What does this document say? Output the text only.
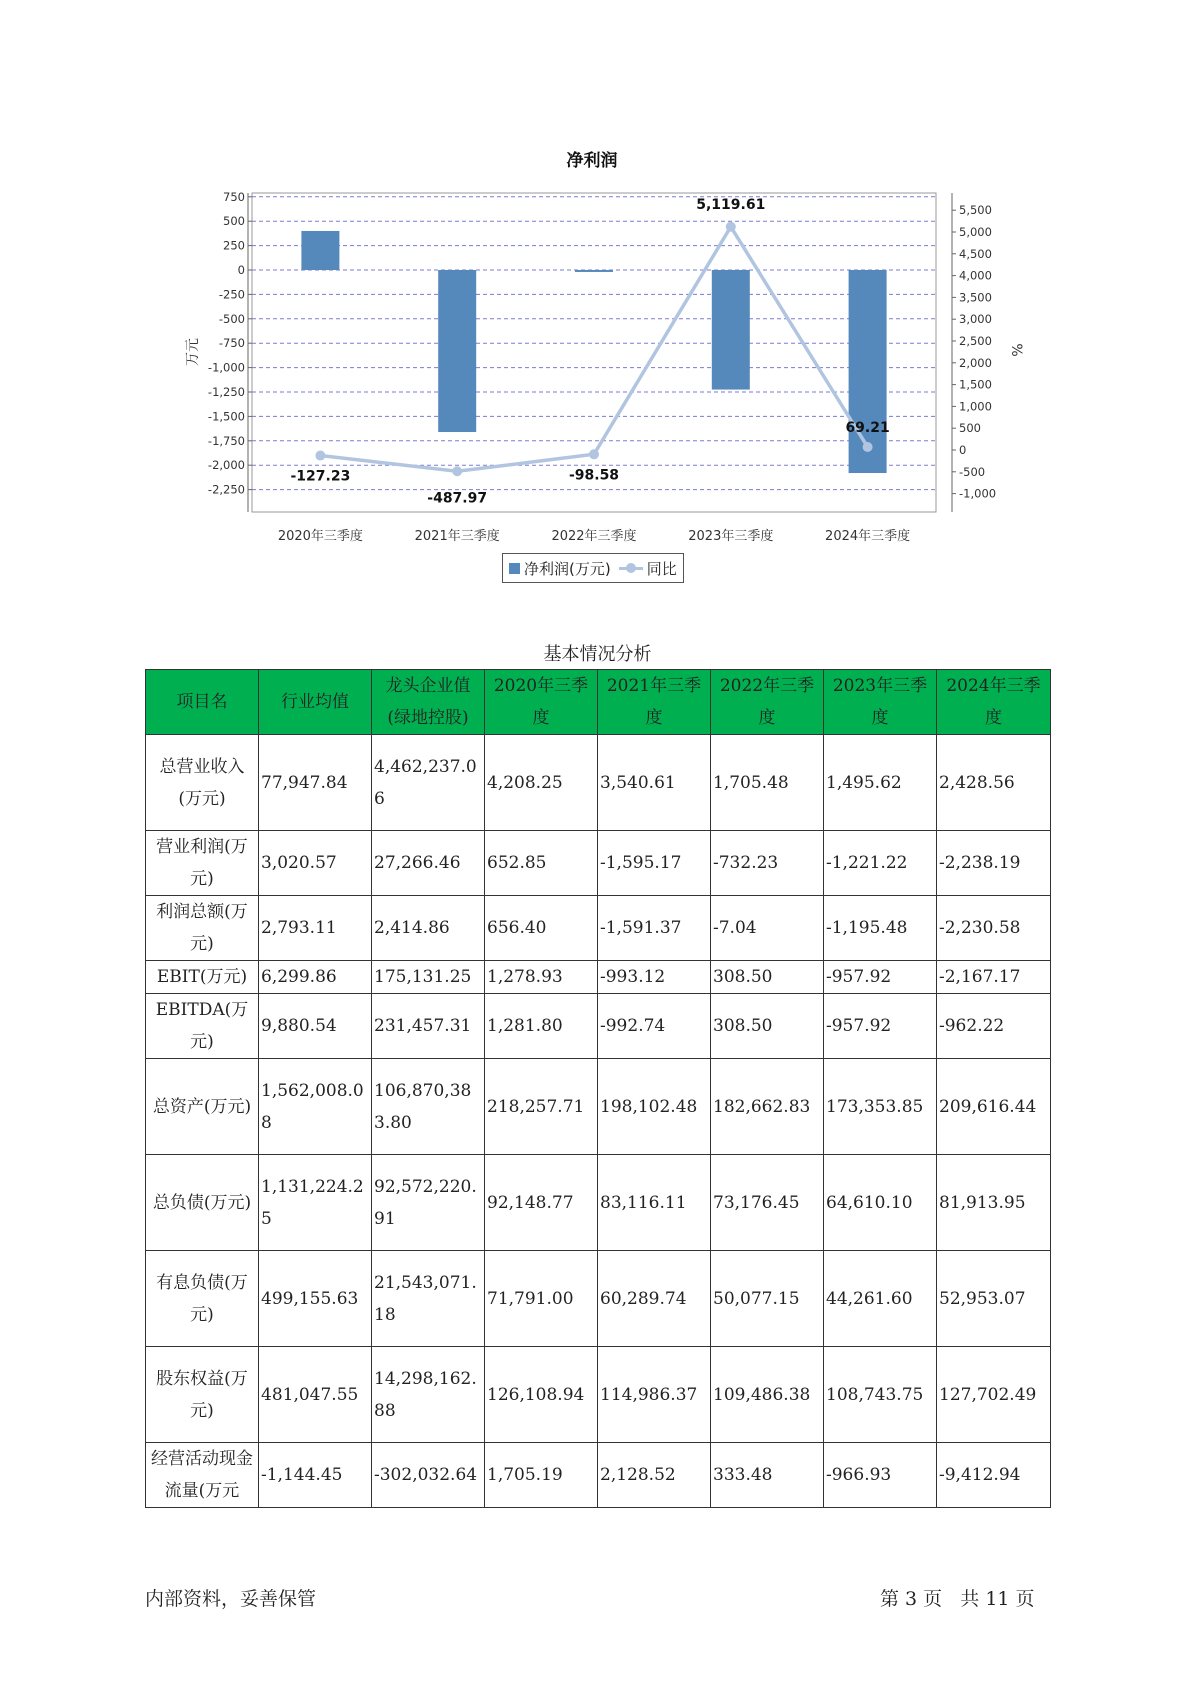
净利润
750
500
250
0
-250
-500
-750
-1,000
-1,250
-1,500
-1,750
-2,000
-2,250
5,500
5,000
4,500
4,000
3,500
3,000
2,500
2,000
1,500
1,000
500
0
-500
-1,000
万元	%
2020年三季度	2021年三季度	2022年三季度	2023年三季度	2024年三季度
-127.23
-487.97
-98.58
5,119.61
69.21
净利润(万元) 同比
基本情况分析
项目名	行业均值	龙头企业值(绿地控股)	2020年三季度	2021年三季度	2022年三季度	2023年三季度	2024年三季度
总营业收入(万元)	77,947.84	4,462,237.06	4,208.25	3,540.61	1,705.48	1,495.62	2,428.56
营业利润(万元)	3,020.57	27,266.46	652.85	-1,595.17	-732.23	-1,221.22	-2,238.19
利润总额(万元)	2,793.11	2,414.86	656.40	-1,591.37	-7.04	-1,195.48	-2,230.58
EBIT(万元)	6,299.86	175,131.25	1,278.93	-993.12	308.50	-957.92	-2,167.17
EBITDA(万元)	9,880.54	231,457.31	1,281.80	-992.74	308.50	-957.92	-962.22
总资产(万元)	1,562,008.08	106,870,383.80	218,257.71	198,102.48	182,662.83	173,353.85	209,616.44
总负债(万元)	1,131,224.25	92,572,220.91	92,148.77	83,116.11	73,176.45	64,610.10	81,913.95
有息负债(万元)	499,155.63	21,543,071.18	71,791.00	60,289.74	50,077.15	44,261.60	52,953.07
股东权益(万元)	481,047.55	14,298,162.88	126,108.94	114,986.37	109,486.38	108,743.75	127,702.49
经营活动现金流量(万元	-1,144.45	-302,032.64	1,705.19	2,128.52	333.48	-966.93	-9,412.94
内部资料，妥善保管	第 3 页   共 11 页
